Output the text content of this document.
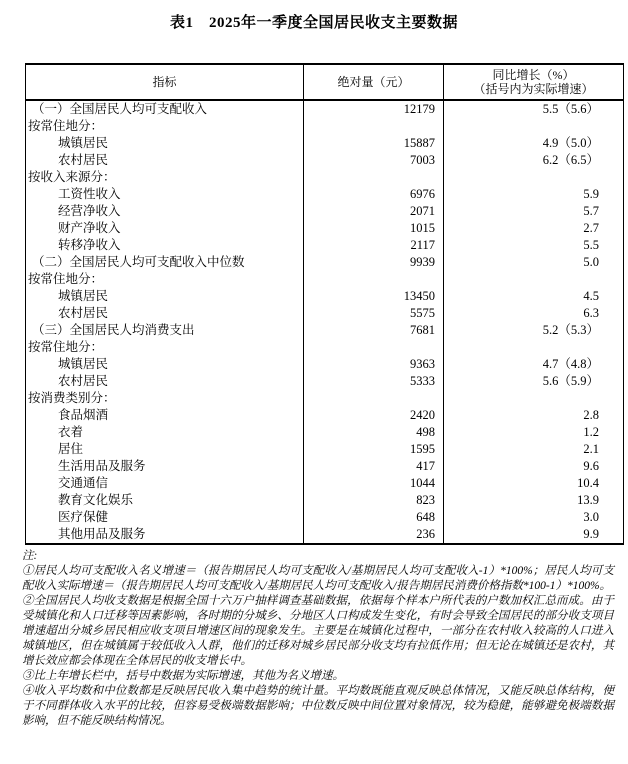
表1　2025年一季度全国居民收支主要数据
指标	绝对量（元）	同比增长（%）
（括号内为实际增速）

（一）全国居民人均可支配收入	12179	5.5（5.6）
按常住地分：		
城镇居民	15887	4.9（5.0）
农村居民	7003	6.2（6.5）
按收入来源分：		
工资性收入	6976	5.9
经营净收入	2071	5.7
财产净收入	1015	2.7
转移净收入	2117	5.5
（二）全国居民人均可支配收入中位数	9939	5.0
按常住地分：		
城镇居民	13450	4.5
农村居民	5575	6.3
（三）全国居民人均消费支出	7681	5.2（5.3）
按常住地分：		
城镇居民	9363	4.7（4.8）
农村居民	5333	5.6（5.9）
按消费类别分：		
食品烟酒	2420	2.8
衣着	498	1.2
居住	1595	2.1
生活用品及服务	417	9.6
交通通信	1044	10.4
教育文化娱乐	823	13.9
医疗保健	648	3.0
其他用品及服务	236	9.9
注:
①居民人均可支配收入名义增速＝（报告期居民人均可支配收入/基期居民人均可支配收入-1）*100%；居民人均可支配收入实际增速＝（报告期居民人均可支配收入/基期居民人均可支配收入/报告期居民消费价格指数*100-1）*100%。
②全国居民人均收支数据是根据全国十六万户抽样调查基础数据，依据每个样本户所代表的户数加权汇总而成。由于受城镇化和人口迁移等因素影响，各时期的分城乡、分地区人口构成发生变化，有时会导致全国居民的部分收支项目增速超出分城乡居民相应收支项目增速区间的现象发生。主要是在城镇化过程中，一部分在农村收入较高的人口进入城镇地区，但在城镇属于较低收入人群，他们的迁移对城乡居民部分收支均有拉低作用；但无论在城镇还是农村，其增长效应都会体现在全体居民的收支增长中。
③比上年增长栏中，括号中数据为实际增速，其他为名义增速。
④收入平均数和中位数都是反映居民收入集中趋势的统计量。平均数既能直观反映总体情况，又能反映总体结构，便于不同群体收入水平的比较，但容易受极端数据影响；中位数反映中间位置对象情况，较为稳健，能够避免极端数据影响，但不能反映结构情况。
